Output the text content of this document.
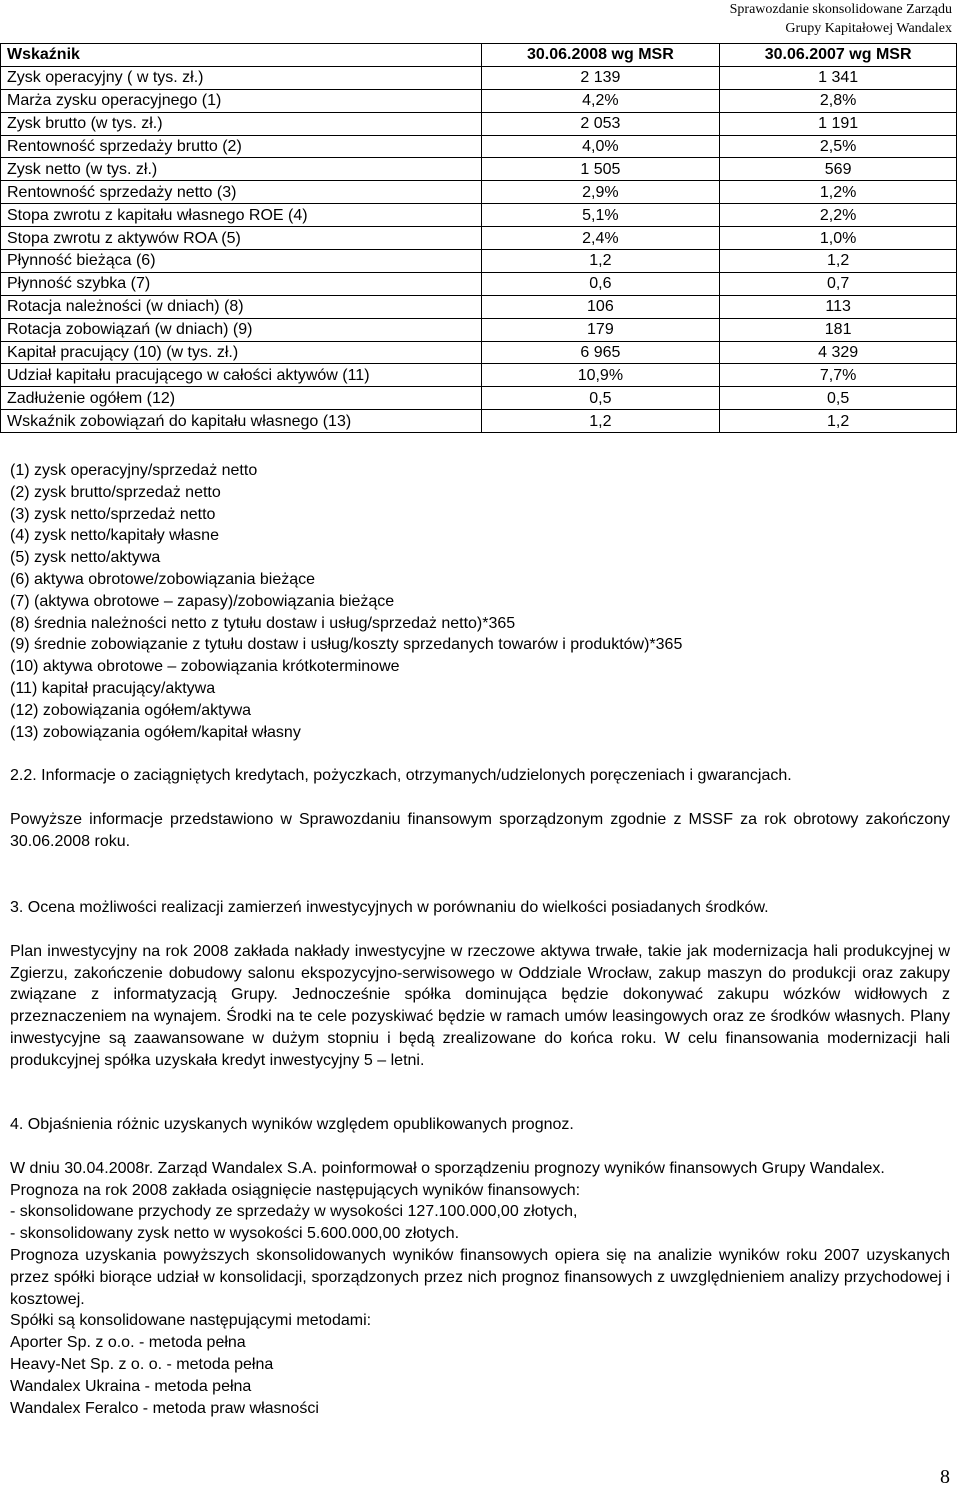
Sprawozdanie skonsolidowane Zarządu
Grupy Kapitałowej Wandalex
Wskaźnik	30.06.2008 wg MSR	30.06.2007 wg MSR
Zysk operacyjny ( w tys. zł.)	2 139	1 341
Marża zysku operacyjnego (1)	4,2%	2,8%
Zysk brutto (w tys. zł.)	2 053	1 191
Rentowność sprzedaży brutto (2)	4,0%	2,5%
Zysk netto (w tys. zł.)	1 505	569
Rentowność sprzedaży netto (3)	2,9%	1,2%
Stopa zwrotu z kapitału własnego ROE (4)	5,1%	2,2%
Stopa zwrotu z aktywów ROA (5)	2,4%	1,0%
Płynność bieżąca (6)	1,2	1,2
Płynność szybka (7)	0,6	0,7
Rotacja należności (w dniach) (8)	106	113
Rotacja zobowiązań (w dniach) (9)	179	181
Kapitał pracujący (10) (w tys. zł.)	6 965	4 329
Udział kapitału pracującego w całości aktywów (11)	10,9%	7,7%
Zadłużenie ogółem (12)	0,5	0,5
Wskaźnik zobowiązań do kapitału własnego (13)	1,2	1,2
(1) zysk operacyjny/sprzedaż netto
(2) zysk brutto/sprzedaż netto
(3) zysk netto/sprzedaż netto
(4) zysk netto/kapitały własne
(5) zysk netto/aktywa
(6) aktywa obrotowe/zobowiązania bieżące
(7) (aktywa obrotowe – zapasy)/zobowiązania bieżące
(8) średnia należności netto z tytułu dostaw i usług/sprzedaż netto)*365
(9) średnie zobowiązanie z tytułu dostaw i usług/koszty sprzedanych towarów i produktów)*365
(10) aktywa obrotowe – zobowiązania krótkoterminowe
(11) kapitał pracujący/aktywa
(12) zobowiązania ogółem/aktywa
(13) zobowiązania ogółem/kapitał własny

2.2. Informacje o zaciągniętych kredytach, pożyczkach, otrzymanych/udzielonych poręczeniach i gwarancjach.

Powyższe informacje przedstawiono w Sprawozdaniu finansowym sporządzonym zgodnie z MSSF za rok obrotowy zakończony 30.06.2008 roku.

3. Ocena możliwości realizacji zamierzeń inwestycyjnych w porównaniu do wielkości posiadanych środków.

Plan inwestycyjny na rok 2008 zakłada nakłady inwestycyjne w rzeczowe aktywa trwałe, takie jak modernizacja hali produkcyjnej w Zgierzu, zakończenie dobudowy salonu ekspozycyjno-serwisowego w Oddziale Wrocław, zakup maszyn do produkcji oraz zakupy związane z informatyzacją Grupy. Jednocześnie spółka dominująca będzie dokonywać zakupu wózków widłowych z przeznaczeniem na wynajem. Środki na te cele pozyskiwać będzie w ramach umów leasingowych oraz ze środków własnych. Plany inwestycyjne są zaawansowane w dużym stopniu i będą zrealizowane do końca roku. W celu finansowania modernizacji hali produkcyjnej spółka uzyskała kredyt inwestycyjny 5 – letni.

4. Objaśnienia różnic uzyskanych wyników względem opublikowanych prognoz.

W dniu 30.04.2008r. Zarząd Wandalex S.A. poinformował o sporządzeniu prognozy wyników finansowych Grupy Wandalex.

Prognoza na rok 2008 zakłada osiągnięcie następujących wyników finansowych:
- skonsolidowane przychody ze sprzedaży w wysokości 127.100.000,00 złotych,
- skonsolidowany zysk netto w wysokości 5.600.000,00 złotych.

Prognoza uzyskania powyższych skonsolidowanych wyników finansowych opiera się na analizie wyników roku 2007 uzyskanych przez spółki biorące udział w konsolidacji, sporządzonych przez nich prognoz finansowych z uwzględnieniem analizy przychodowej i kosztowej.

Spółki są konsolidowane następującymi metodami:
Aporter Sp. z o.o. - metoda pełna
Heavy-Net Sp. z o. o. - metoda pełna
Wandalex Ukraina - metoda pełna
Wandalex Feralco - metoda praw własności
8
